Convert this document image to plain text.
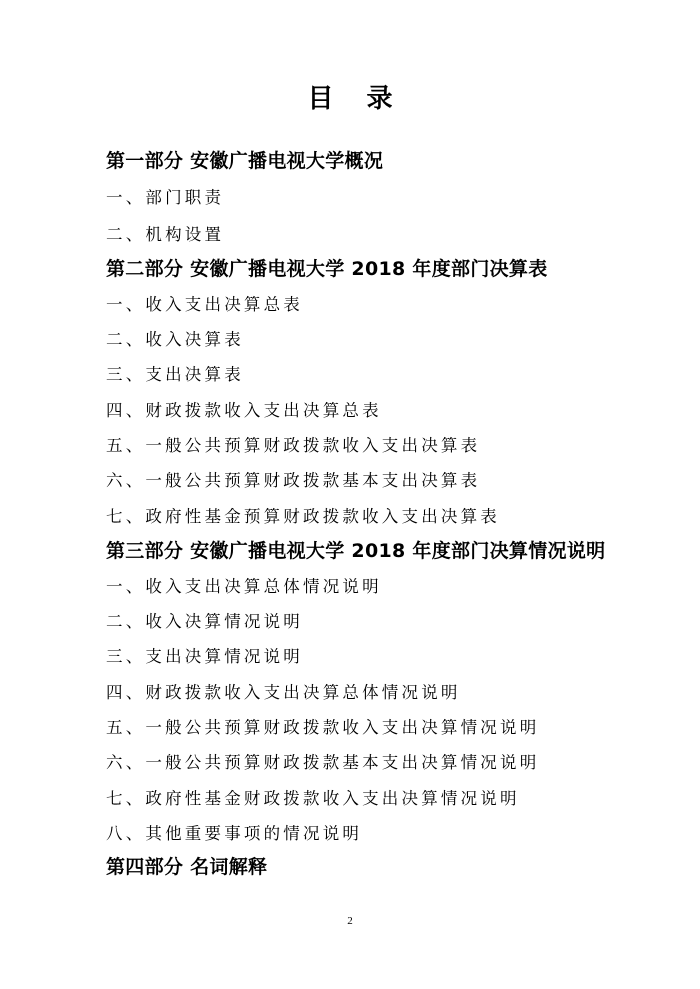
目 录
第一部分 安徽广播电视大学概况
一、部门职责
二、机构设置
第二部分 安徽广播电视大学 2018 年度部门决算表
一、收入支出决算总表
二、收入决算表
三、支出决算表
四、财政拨款收入支出决算总表
五、一般公共预算财政拨款收入支出决算表
六、一般公共预算财政拨款基本支出决算表
七、政府性基金预算财政拨款收入支出决算表
第三部分 安徽广播电视大学 2018 年度部门决算情况说明
一、收入支出决算总体情况说明
二、收入决算情况说明
三、支出决算情况说明
四、财政拨款收入支出决算总体情况说明
五、一般公共预算财政拨款收入支出决算情况说明
六、一般公共预算财政拨款基本支出决算情况说明
七、政府性基金财政拨款收入支出决算情况说明
八、其他重要事项的情况说明
第四部分 名词解释
2
